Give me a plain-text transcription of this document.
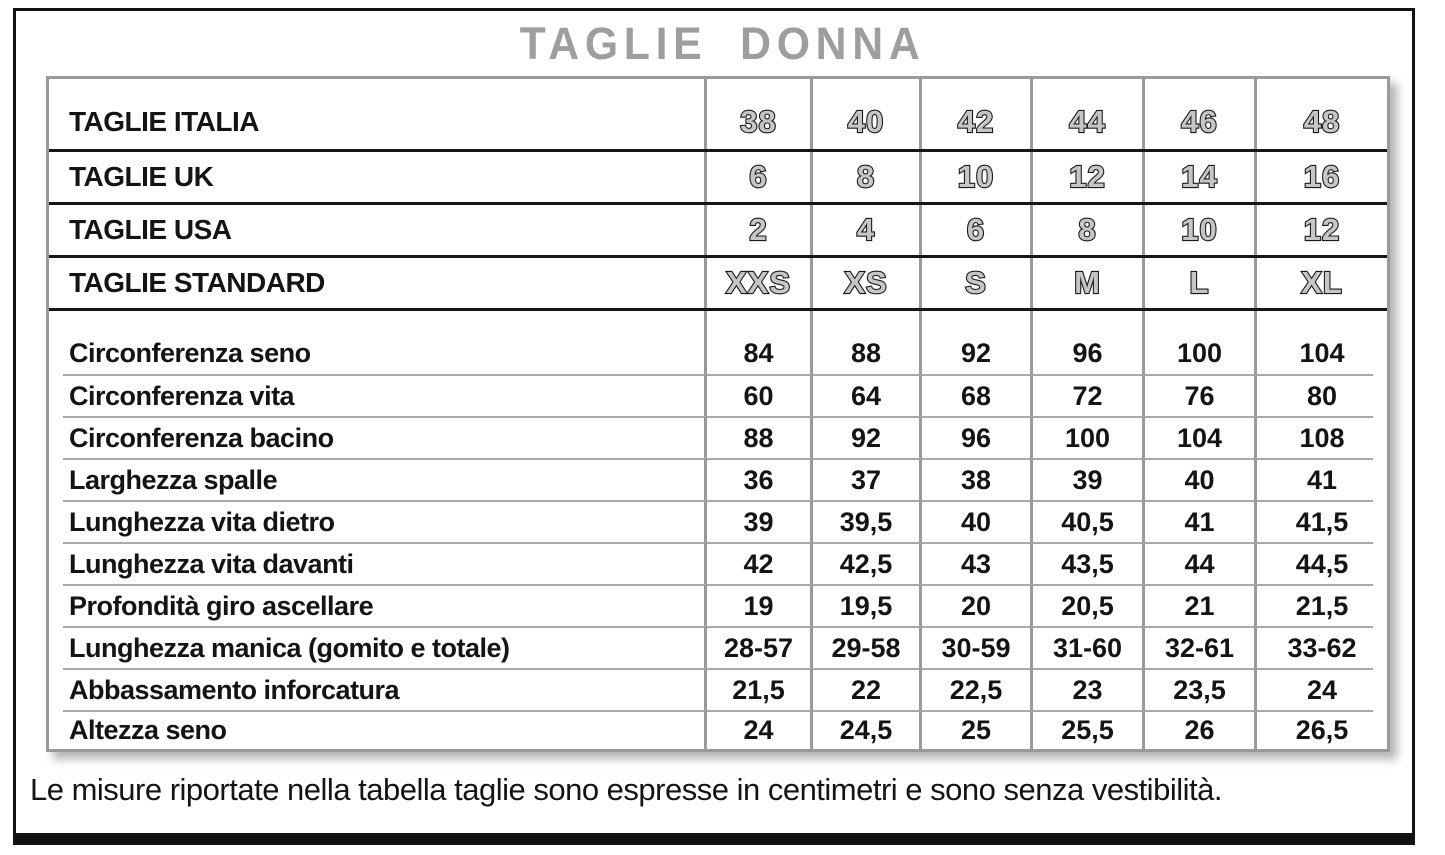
TAGLIE DONNA
TAGLIE ITALIA	38	40	42	44	46	48
TAGLIE UK	6	8	10	12	14	16
TAGLIE USA	2	4	6	8	10	12
TAGLIE STANDARD	XXS	XS	S	M	L	XL
Circonferenza seno	84	88	92	96	100	104
Circonferenza vita	60	64	68	72	76	80
Circonferenza bacino	88	92	96	100	104	108
Larghezza spalle	36	37	38	39	40	41
Lunghezza vita dietro	39	39,5	40	40,5	41	41,5
Lunghezza vita davanti	42	42,5	43	43,5	44	44,5
Profondità giro ascellare	19	19,5	20	20,5	21	21,5
Lunghezza manica (gomito e totale)	28-57	29-58	30-59	31-60	32-61	33-62
Abbassamento inforcatura	21,5	22	22,5	23	23,5	24
Altezza seno	24	24,5	25	25,5	26	26,5
Le misure riportate nella tabella taglie sono espresse in centimetri e sono senza vestibilità.
